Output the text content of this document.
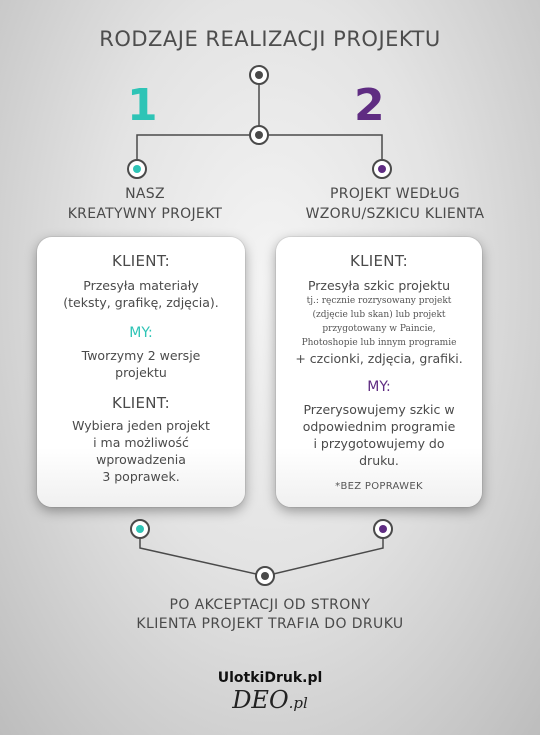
RODZAJE REALIZACJI PROJEKTU
1	2
NASZ
KREATYWNY PROJEKT
PROJEKT WEDŁUG
WZORU/SZKICU KLIENTA
KLIENT:
Przesyła materiały
(teksty, grafikę, zdjęcia).
MY:
Tworzymy 2 wersje
projektu
KLIENT:
Wybiera jeden projekt
i ma możliwość
wprowadzenia
3 poprawek.
KLIENT:
Przesyła szkic projektu
tj.: ręcznie rozrysowany projekt
(zdjęcie lub skan) lub projekt
przygotowany w Paincie,
Photoshopie lub innym programie
+ czcionki, zdjęcia, grafiki.
MY:
Przerysowujemy szkic w
odpowiednim programie
i przygotowujemy do
druku.
*BEZ POPRAWEK
PO AKCEPTACJI OD STRONY
KLIENTA PROJEKT TRAFIA DO DRUKU
UlotkiDruk.pl
DEO.pl
